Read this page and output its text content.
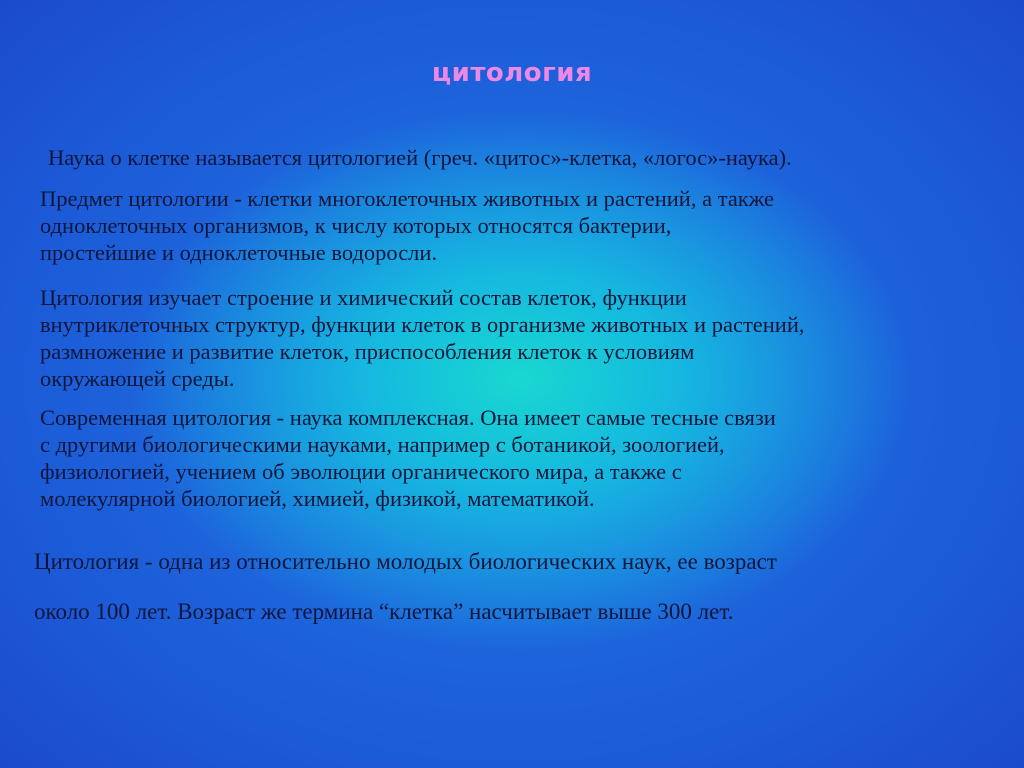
цитология
Наука о клетке называется цитологией (греч. «цитос»-клетка, «логос»-наука).
Предмет цитологии - клетки многоклеточных животных и растений, а также
одноклеточных организмов, к числу которых относятся бактерии,
простейшие и одноклеточные водоросли.
Цитология изучает строение и химический состав клеток, функции
внутриклеточных структур, функции клеток в организме животных и растений,
размножение и развитие клеток, приспособления клеток к условиям
окружающей среды.
Современная цитология - наука комплексная. Она имеет самые тесные связи
с другими биологическими науками, например с ботаникой, зоологией,
физиологией, учением об эволюции органического мира, а также с
молекулярной биологией, химией, физикой, математикой.
Цитология - одна из относительно молодых биологических наук, ее возраст
около 100 лет. Возраст же термина “клетка” насчитывает выше 300 лет.
